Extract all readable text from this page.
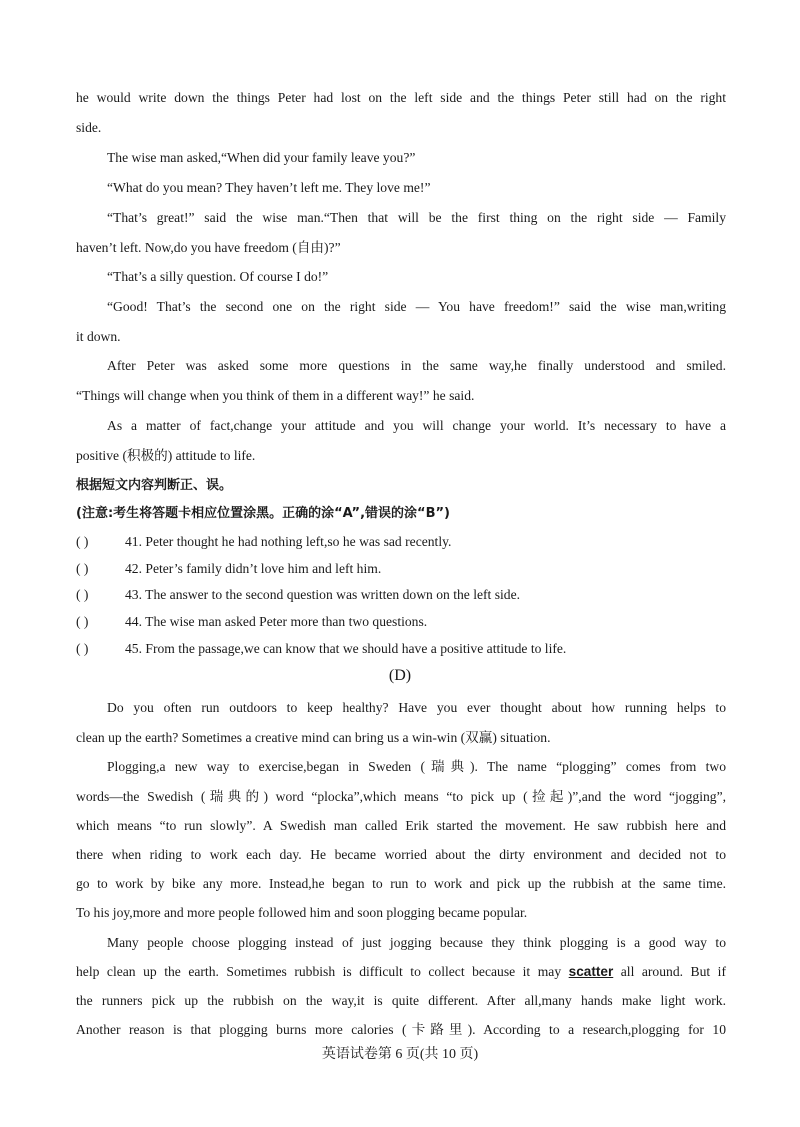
he would write down the things Peter had lost on the left side and the things Peter still had on the right
side.
The wise man asked,“When did your family leave you?”
“What do you mean? They haven’t left me. They love me!”
“That’s great!” said the wise man.“Then that will be the first thing on the right side — Family
haven’t left. Now,do you have freedom (自由)?”
“That’s a silly question. Of course I do!”
“Good! That’s the second one on the right side — You have freedom!” said the wise man,writing
it down.
After Peter was asked some more questions in the same way,he finally understood and smiled.
“Things will change when you think of them in a different way!” he said.
As a matter of fact,change your attitude and you will change your world. It’s necessary to have a
positive (积极的) attitude to life.
根据短文内容判断正、误。
(注意:考生将答题卡相应位置涂黑。正确的涂“A”,错误的涂“B”)
( )	41. Peter thought he had nothing left,so he was sad recently.
( )	42. Peter’s family didn’t love him and left him.
( )	43. The answer to the second question was written down on the left side.
( )	44. The wise man asked Peter more than two questions.
( )	45. From the passage,we can know that we should have a positive attitude to life.
(D)
Do you often run outdoors to keep healthy? Have you ever thought about how running helps to
clean up the earth? Sometimes a creative mind can bring us a win-win (双赢) situation.
Plogging,a new way to exercise,began in Sweden (瑞典). The name “plogging” comes from two
words—the Swedish (瑞典的) word “plocka”,which means “to pick up (捡起)”,and the word “jogging”,
which means “to run slowly”. A Swedish man called Erik started the movement. He saw rubbish here and
there when riding to work each day. He became worried about the dirty environment and decided not to
go to work by bike any more. Instead,he began to run to work and pick up the rubbish at the same time.
To his joy,more and more people followed him and soon plogging became popular.
Many people choose plogging instead of just jogging because they think plogging is a good way to
help clean up the earth. Sometimes rubbish is difficult to collect because it may scatter all around. But if
the runners pick up the rubbish on the way,it is quite different. After all,many hands make light work.
Another reason is that plogging burns more calories (卡路里). According to a research,plogging for 10
英语试卷第 6 页(共 10 页)
